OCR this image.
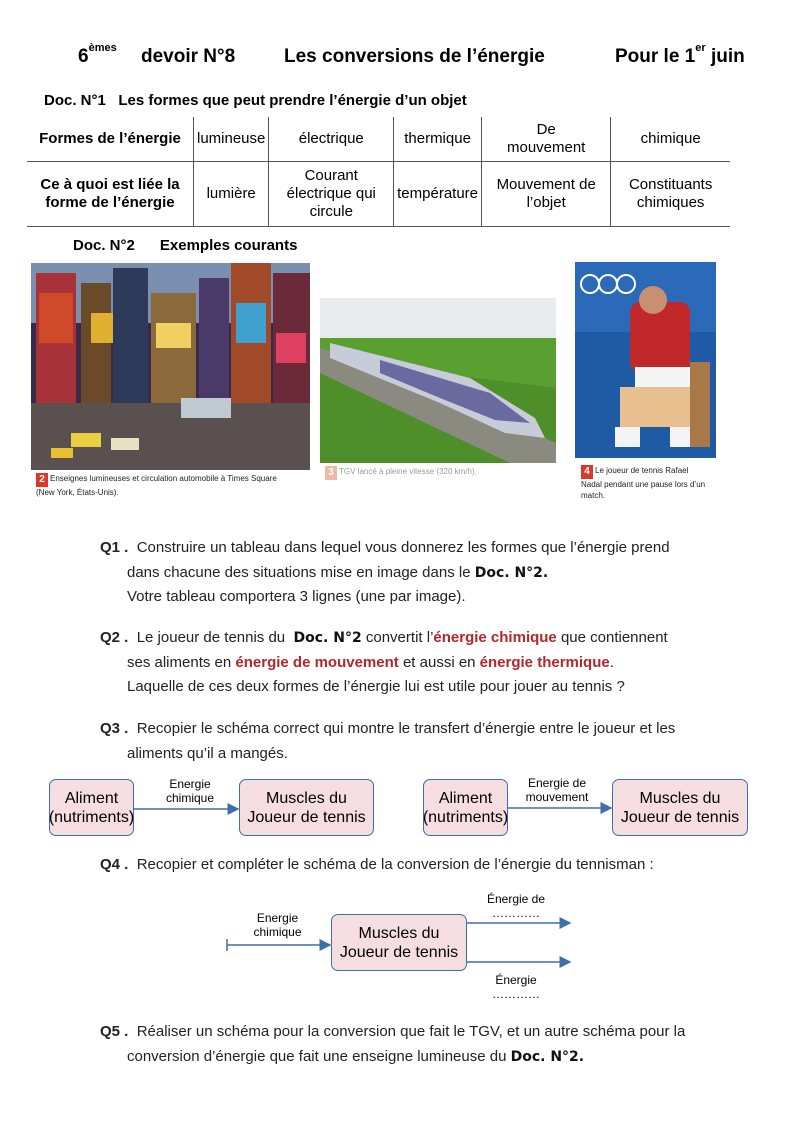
6èmes devoir N°8	Les conversions de l’énergie	Pour le 1er juin
Doc. N°1 Les formes que peut prendre l’énergie d’un objet
Formes de l’énergie	lumineuse	électrique	thermique	De mouvement	chimique
Ce à quoi est liée la forme de l’énergie	lumière	Courant électrique qui circule	température	Mouvement de l’objet	Constituants chimiques
Doc. N°2 Exemples courants
2 Enseignes lumineuses et circulation automobile à Times Square (New York, États-Unis).
3 TGV lancé à pleine vitesse (320 km/h).	4 Le joueur de tennis Rafael Nadal pendant une pause lors d’un match.
Q1 . Construire un tableau dans lequel vous donnerez les formes que l’énergie prend
dans chacune des situations mise en image dans le Doc. N°2.
Votre tableau comportera 3 lignes (une par image).
Q2 . Le joueur de tennis du Doc. N°2 convertit l’énergie chimique que contiennent
ses aliments en énergie de mouvement et aussi en énergie thermique.
Laquelle de ces deux formes de l’énergie lui est utile pour jouer au tennis ?
Q3 . Recopier le schéma correct qui montre le transfert d’énergie entre le joueur et les
aliments qu’il a mangés.
Aliment (nutriments)
Energie chimique	Muscles du Joueur de tennis
Aliment (nutriments)
Energie de mouvement	Muscles du Joueur de tennis
Q4 . Recopier et compléter le schéma de la conversion de l’énergie du tennisman :
Energie chimique	Muscles du Joueur de tennis
Énergie de …………
Énergie …………
Q5 . Réaliser un schéma pour la conversion que fait le TGV, et un autre schéma pour la
conversion d’énergie que fait une enseigne lumineuse du Doc. N°2.
